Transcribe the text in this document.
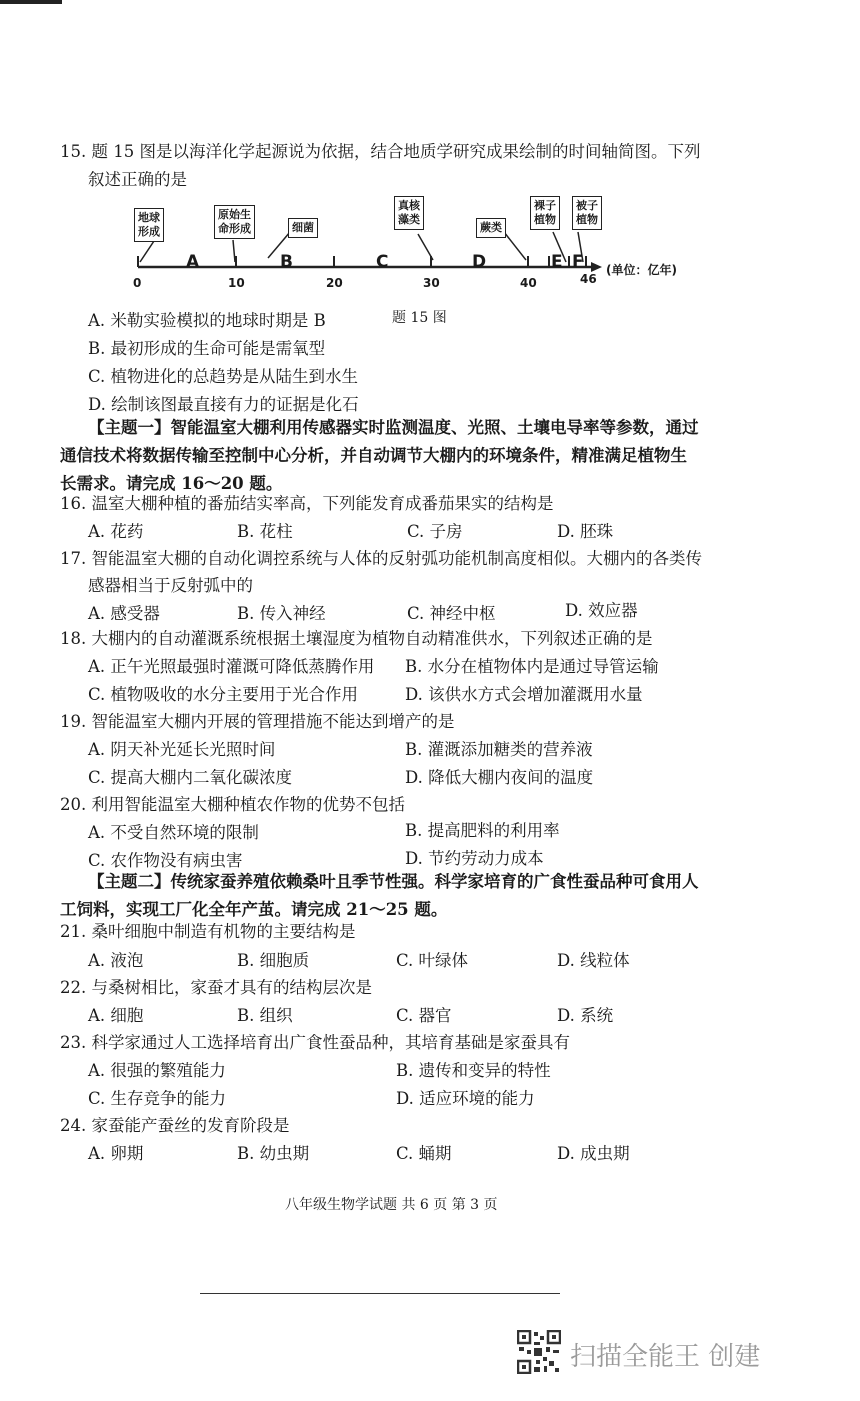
15. 题 15 图是以海洋化学起源说为依据，结合地质学研究成果绘制的时间轴简图。下列
叙述正确的是
地球
形成
原始生
命形成	细菌
真核
藻类
蕨类
裸子
植物
被子
植物
A	B	C	D	E F
0	10	20	30	40	46
(单位：亿年)
A. 米勒实验模拟的地球时期是 B	题 15 图
B. 最初形成的生命可能是需氧型
C. 植物进化的总趋势是从陆生到水生
D. 绘制该图最直接有力的证据是化石
【主题一】智能温室大棚利用传感器实时监测温度、光照、土壤电导率等参数，通过
通信技术将数据传输至控制中心分析，并自动调节大棚内的环境条件，精准满足植物生
长需求。请完成 16～20 题。
16. 温室大棚种植的番茄结实率高，下列能发育成番茄果实的结构是
A. 花药	B. 花柱	C. 子房	D. 胚珠
17. 智能温室大棚的自动化调控系统与人体的反射弧功能机制高度相似。大棚内的各类传
感器相当于反射弧中的
A. 感受器	B. 传入神经	C. 神经中枢	D. 效应器
18. 大棚内的自动灌溉系统根据土壤湿度为植物自动精准供水，下列叙述正确的是
A. 正午光照最强时灌溉可降低蒸腾作用 B. 水分在植物体内是通过导管运输
C. 植物吸收的水分主要用于光合作用	D. 该供水方式会增加灌溉用水量
19. 智能温室大棚内开展的管理措施不能达到增产的是
A. 阴天补光延长光照时间	B. 灌溉添加糖类的营养液
C. 提高大棚内二氧化碳浓度	D. 降低大棚内夜间的温度
20. 利用智能温室大棚种植农作物的优势不包括
A. 不受自然环境的限制	B. 提高肥料的利用率
C. 农作物没有病虫害	D. 节约劳动力成本
【主题二】传统家蚕养殖依赖桑叶且季节性强。科学家培育的广食性蚕品种可食用人
工饲料，实现工厂化全年产茧。请完成 21～25 题。
21. 桑叶细胞中制造有机物的主要结构是
A. 液泡	B. 细胞质	C. 叶绿体	D. 线粒体
22. 与桑树相比，家蚕才具有的结构层次是
A. 细胞	B. 组织	C. 器官	D. 系统
23. 科学家通过人工选择培育出广食性蚕品种，其培育基础是家蚕具有
A. 很强的繁殖能力	B. 遗传和变异的特性
C. 生存竞争的能力	D. 适应环境的能力
24. 家蚕能产蚕丝的发育阶段是
A. 卵期	B. 幼虫期	C. 蛹期	D. 成虫期
八年级生物学试题 共 6 页 第 3 页
扫描全能王 创建
